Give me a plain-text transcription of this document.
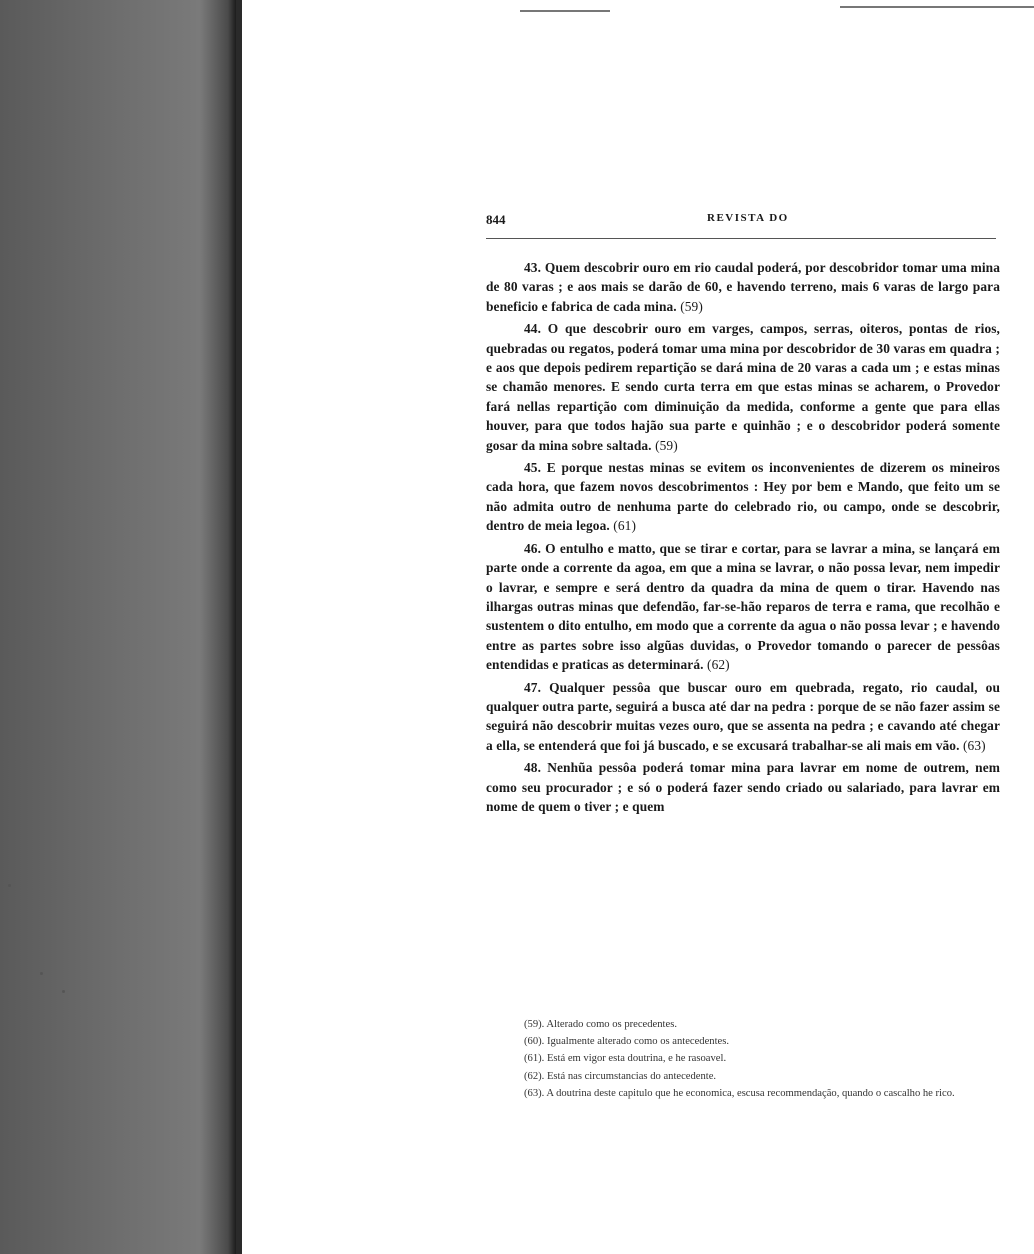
844	REVISTA DO

43. Quem descobrir ouro em rio caudal poderá, por descobridor tomar uma mina de 80 varas ; e aos mais se darão de 60, e havendo terreno, mais 6 varas de largo para beneficio e fabrica de cada mina. (59)

44. O que descobrir ouro em varges, campos, serras, oiteros, pontas de rios, quebradas ou regatos, poderá tomar uma mina por descobridor de 30 varas em quadra ; e aos que depois pedirem repartição se dará mina de 20 varas a cada um ; e estas minas se chamão menores. E sendo curta terra em que estas minas se acharem, o Provedor fará nellas repartição com diminuição da medida, conforme a gente que para ellas houver, para que todos hajão sua parte e quinhão ; e o descobridor poderá somente gosar da mina sobre saltada. (59)

45. E porque nestas minas se evitem os inconvenientes de dizerem os mineiros cada hora, que fazem novos descobrimentos : Hey por bem e Mando, que feito um se não admita outro de nenhuma parte do celebrado rio, ou campo, onde se descobrir, dentro de meia legoa. (61)

46. O entulho e matto, que se tirar e cortar, para se lavrar a mina, se lançará em parte onde a corrente da agoa, em que a mina se lavrar, o não possa levar, nem impedir o lavrar, e sempre e será dentro da quadra da mina de quem o tirar. Havendo nas ilhargas outras minas que defendão, far-se-hão reparos de terra e rama, que recolhão e sustentem o dito entulho, em modo que a corrente da agua o não possa levar ; e havendo entre as partes sobre isso algũas duvidas, o Provedor tomando o parecer de pessôas entendidas e praticas as determinará. (62)

47. Qualquer pessôa que buscar ouro em quebrada, regato, rio caudal, ou qualquer outra parte, seguirá a busca até dar na pedra : porque de se não fazer assim se seguirá não descobrir muitas vezes ouro, que se assenta na pedra ; e cavando até chegar a ella, se entenderá que foi já buscado, e se excusará trabalhar-se ali mais em vão. (63)

48. Nenhũa pessôa poderá tomar mina para lavrar em nome de outrem, nem como seu procurador ; e só o poderá fazer sendo criado ou salariado, para lavrar em nome de quem o tiver ; e quem

(59). Alterado como os precedentes.

(60). Igualmente alterado como os antecedentes.

(61). Está em vigor esta doutrina, e he rasoavel.

(62). Está nas circumstancias do antecedente.

(63). A doutrina deste capitulo que he economica, escusa recommendação, quando o cascalho he rico.
